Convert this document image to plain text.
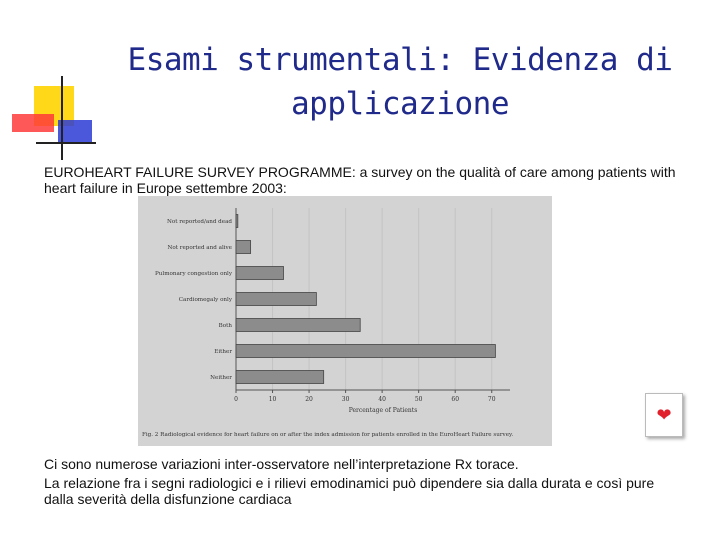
Esami strumentali: Evidenza di
applicazione
EUROHEART FAILURE SURVEY PROGRAMME: a survey on the qualità of care among patients with heart failure in Europe settembre 2003:
Not reported/and dead
Not reported and alive
Pulmonary congestion only
Cardiomegaly only
Both
Either
Neither
0	10	20	30	40	50	60	70
Percentage of Patients
Fig. 2 Radiological evidence for heart failure on or after the index admission for patients enrolled in the EuroHeart Failure survey.
❤

Ci sono numerose variazioni inter-osservatore nell’interpretazione Rx torace.

La relazione fra i segni radiologici e i rilievi emodinamici può dipendere sia dalla durata e così pure dalla severità della disfunzione cardiaca
